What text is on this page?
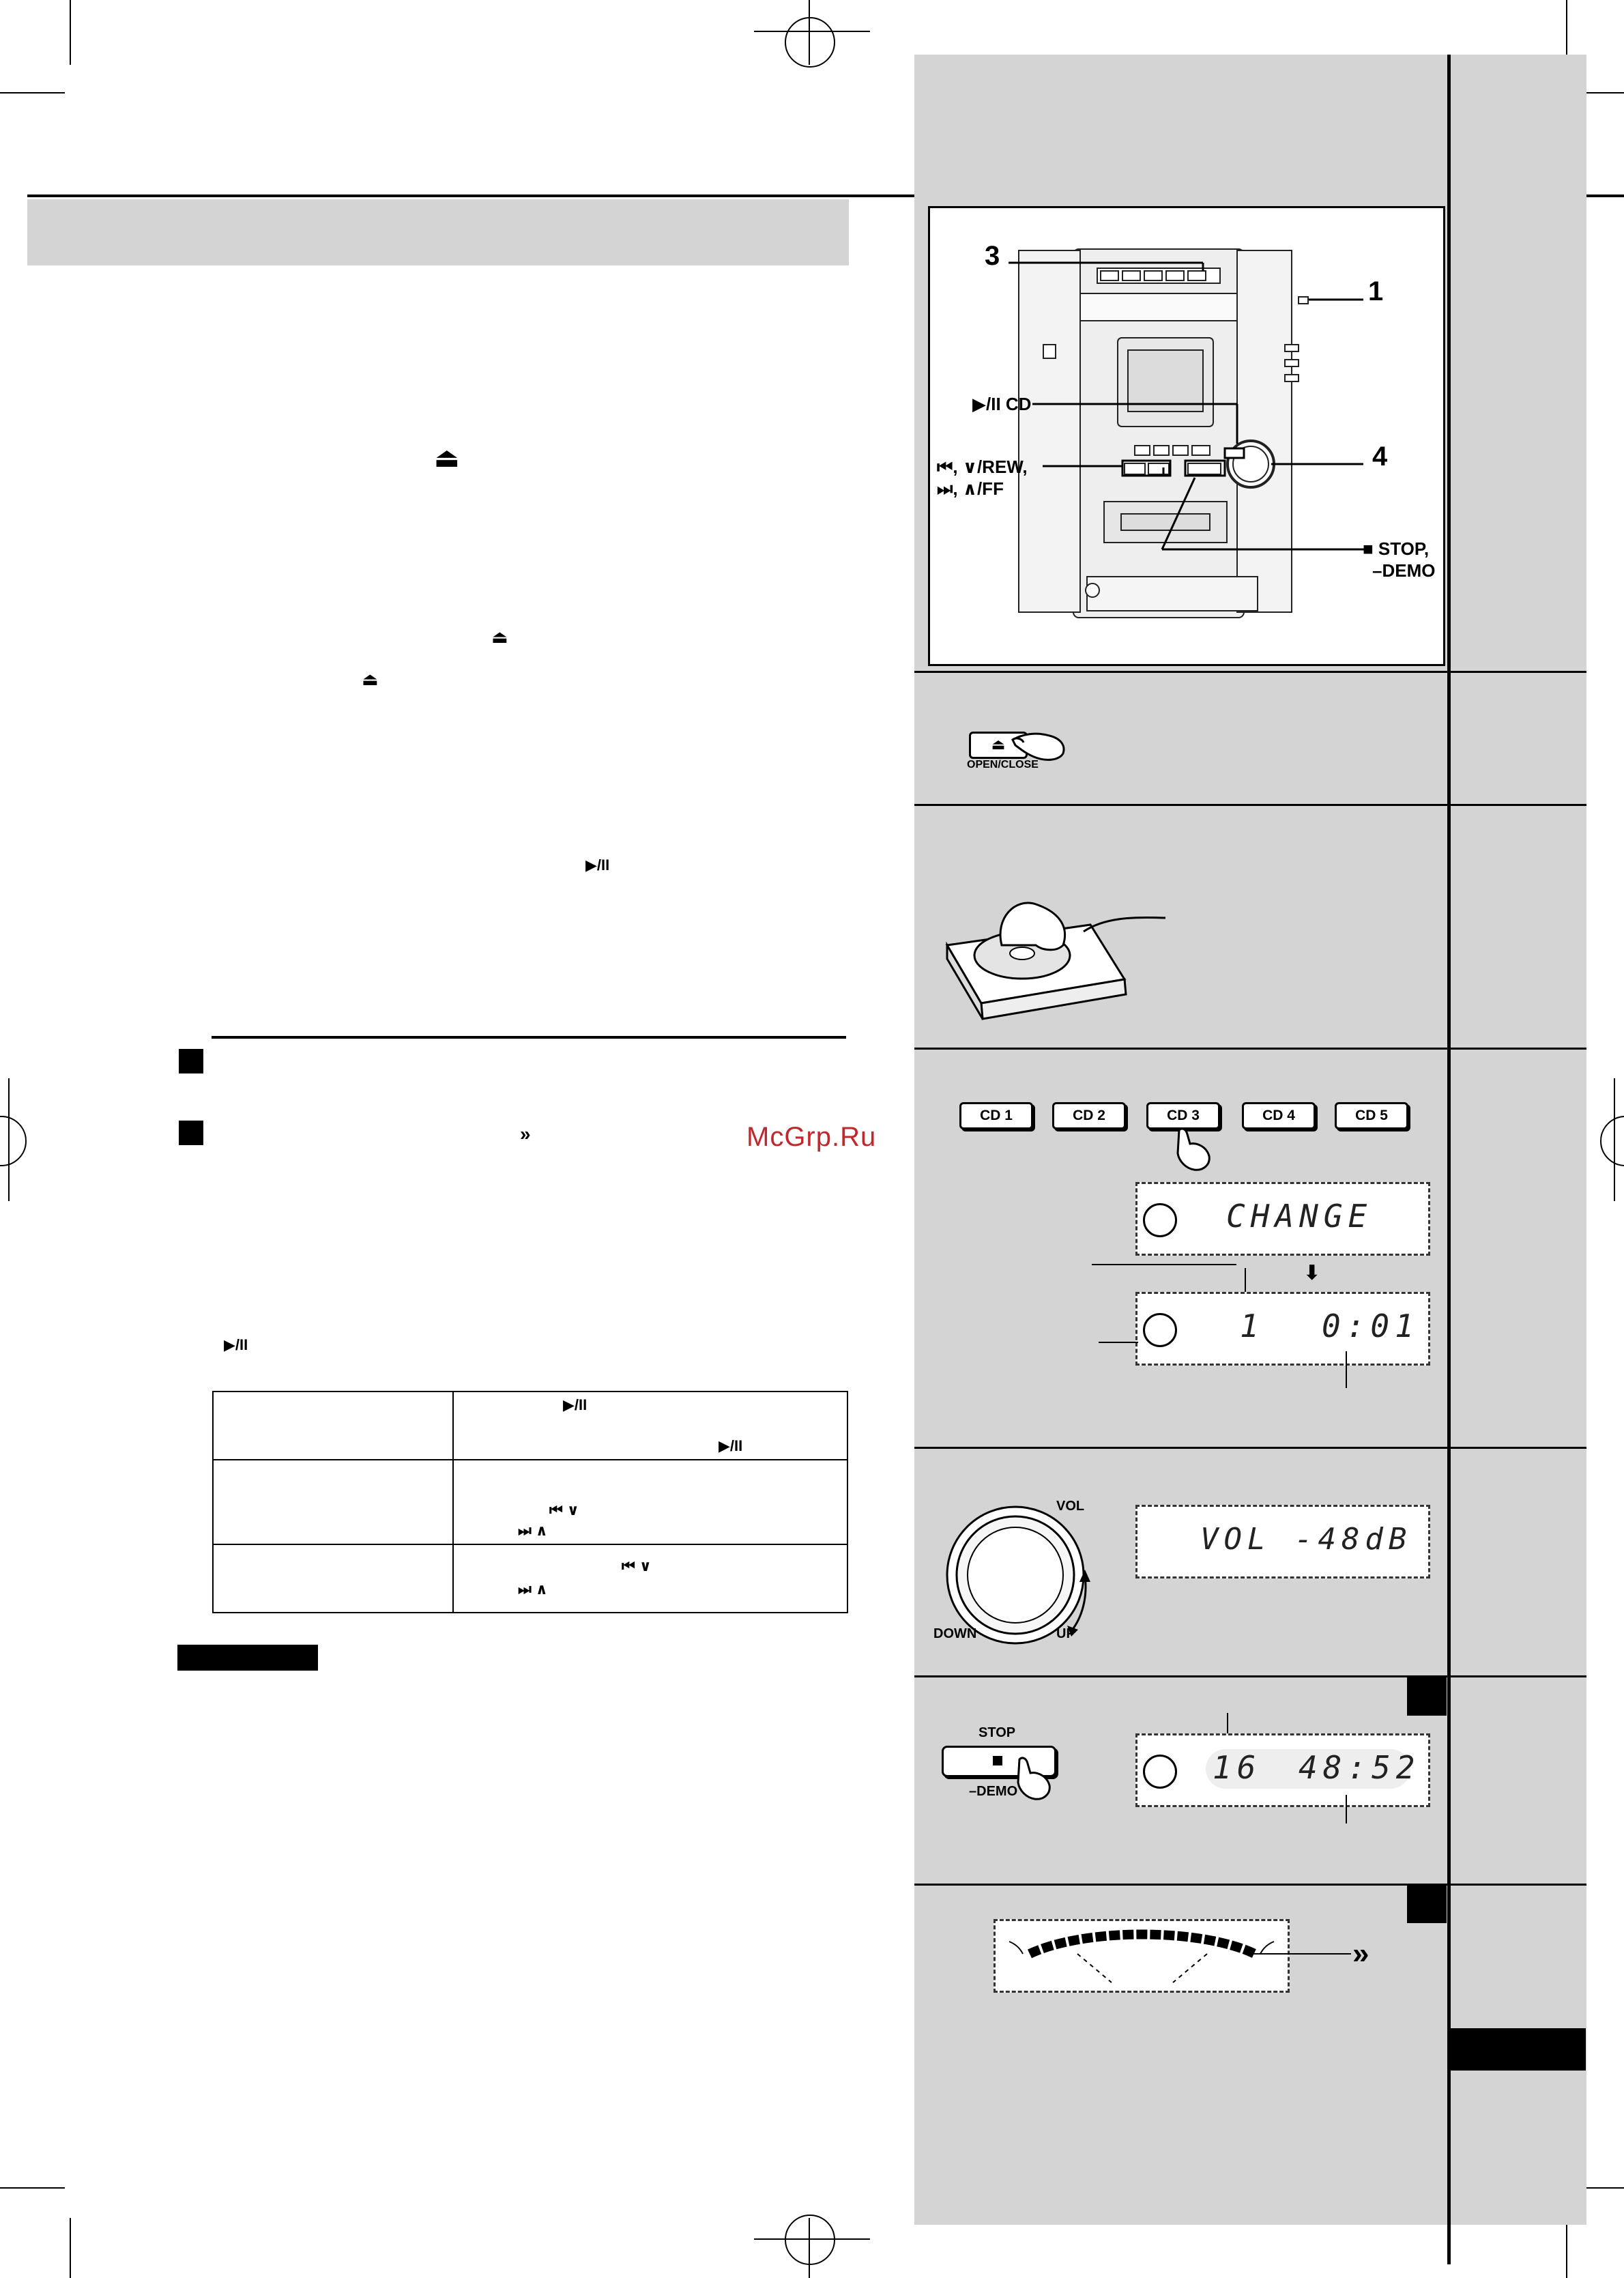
⏏
⏏
⏏
▶/II
»	McGrp.Ru
▶/II

	▶/II
▶/II

	⏮ ∨
⏭ ∧

	⏮ ∨
⏭ ∧
3
1
4
▶/II CD
⏮, ∨/REW,
⏭, ∧/FF
■ STOP,
–DEMO
⏏
OPEN/CLOSE
CD 1	CD 2	CD 3	CD 4	CD 5
CHANGE
⬇
1 0:01
VOL
DOWN	UP
VOL -48dB
STOP
–DEMO
16 48:52
»
